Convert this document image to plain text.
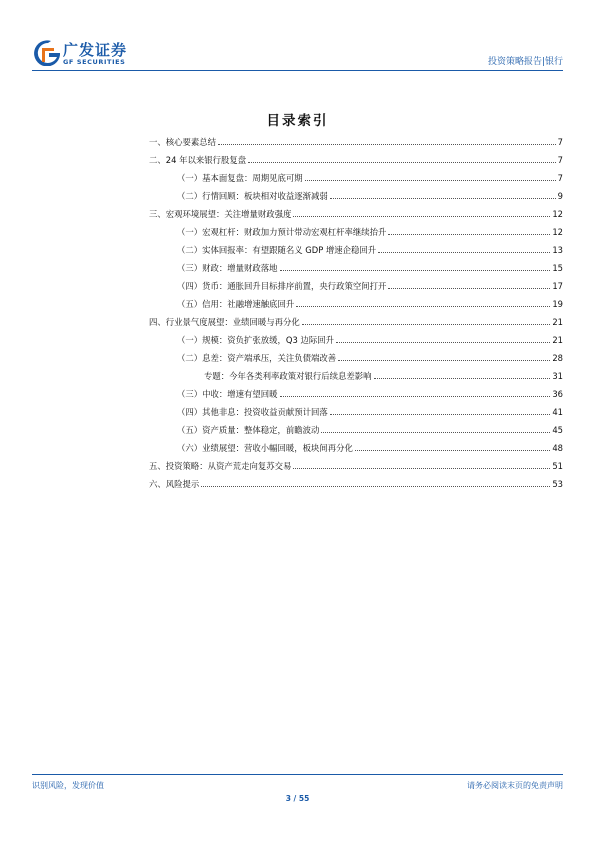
广发证券
GF SECURITIES	投资策略报告|银行
目录索引
一、核心要素总结	7
二、24 年以来银行股复盘	7
（一）基本面复盘：周期见底可期	7
（二）行情回顾：板块相对收益逐渐减弱	9
三、宏观环境展望：关注增量财政强度	12
（一）宏观杠杆：财政加力预计带动宏观杠杆率继续抬升	12
（二）实体回报率：有望跟随名义 GDP 增速企稳回升	13
（三）财政：增量财政落地	15
（四）货币：通胀回升目标排序前置，央行政策空间打开	17
（五）信用：社融增速触底回升	19
四、行业景气度展望：业绩回暖与再分化	21
（一）规模：资负扩张放缓，Q3 边际回升	21
（二）息差：资产端承压，关注负债端改善	28
专题：今年各类利率政策对银行后续息差影响	31
（三）中收：增速有望回暖	36
（四）其他非息：投资收益贡献预计回落	41
（五）资产质量：整体稳定，前瞻波动	45
（六）业绩展望：营收小幅回暖，板块间再分化	48
五、投资策略：从资产荒走向复苏交易	51
六、风险提示	53
识别风险，发现价值	请务必阅读末页的免责声明
3 / 55
